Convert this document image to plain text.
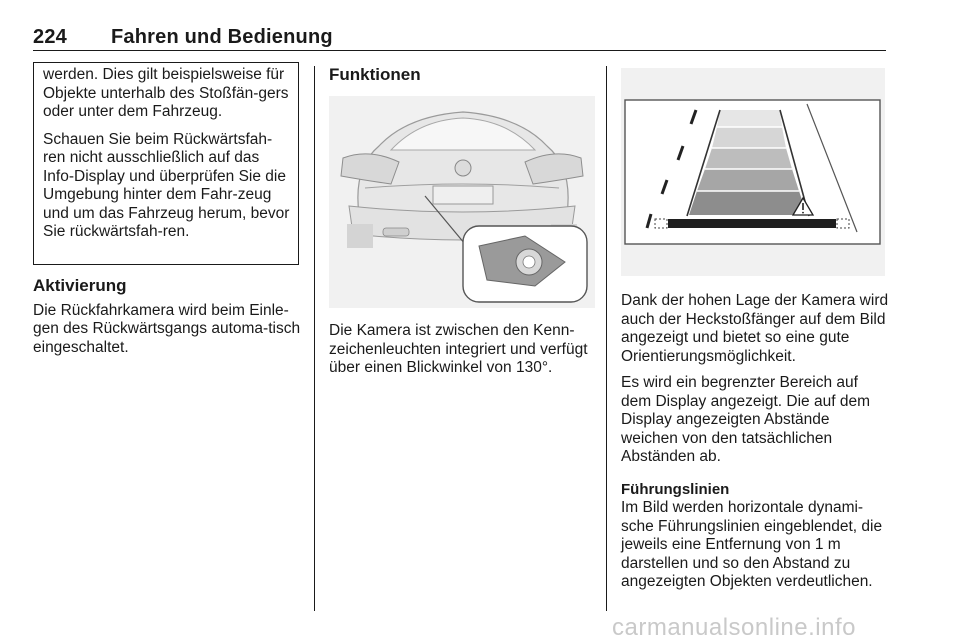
224 Fahren und Bedienung

werden. Dies gilt beispielsweise für Objekte unterhalb des Stoßfän-gers oder unter dem Fahrzeug.

Schauen Sie beim Rückwärtsfah-ren nicht ausschließlich auf das Info-Display und überprüfen Sie die Umgebung hinter dem Fahr-zeug und um das Fahrzeug herum, bevor Sie rückwärtsfah-ren.

Aktivierung

Die Rückfahrkamera wird beim Einle-gen des Rückwärtsgangs automa-tisch eingeschaltet.

Funktionen

Die Kamera ist zwischen den Kenn-zeichenleuchten integriert und verfügt über einen Blickwinkel von 130°.

Dank der hohen Lage der Kamera wird auch der Heckstoßfänger auf dem Bild angezeigt und bietet so eine gute Orientierungsmöglichkeit.

Es wird ein begrenzter Bereich auf dem Display angezeigt. Die auf dem Display angezeigten Abstände weichen von den tatsächlichen Abständen ab.

Führungslinien

Im Bild werden horizontale dynami-sche Führungslinien eingeblendet, die jeweils eine Entfernung von 1 m darstellen und so den Abstand zu angezeigten Objekten verdeutlichen.

carmanualsonline.info
